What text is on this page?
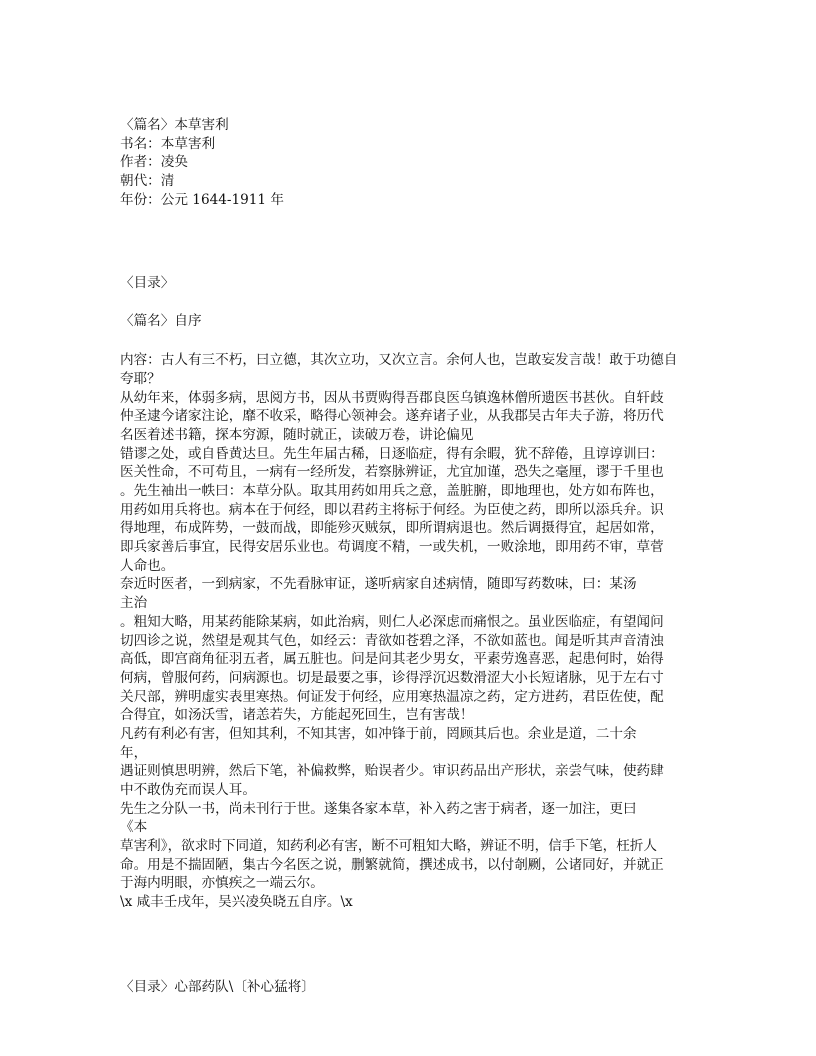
〈篇名〉本草害利
书名：本草害利
作者：凌奂
朝代：清
年份：公元 1644-1911 年
〈目录〉
〈篇名〉自序
内容：古人有三不朽，曰立德，其次立功，又次立言。余何人也，岂敢妄发言哉！敢于功德自
夸耶？
从幼年来，体弱多病，思阅方书，因从书贾购得吾郡良医乌镇逸林僧所遗医书甚伙。自轩歧
仲圣逮今诸家注论，靡不收采，略得心领神会。遂弃诸子业，从我郡吴古年夫子游，将历代
名医着述书籍，探本穷源，随时就正，读破万卷，讲论偏见
错谬之处，或自昏黄达旦。先生年届古稀，日逐临症，得有余暇，犹不辞倦，且谆谆训曰：
医关性命，不可苟且，一病有一经所发，若察脉辨证，尤宜加谨，恐失之毫厘，谬于千里也
。先生袖出一帙曰：本草分队。取其用药如用兵之意，盖脏腑，即地理也，处方如布阵也，
用药如用兵将也。病本在于何经，即以君药主将标于何经。为臣使之药，即所以添兵弁。识
得地理，布成阵势，一鼓而战，即能殄灭贼氛，即所谓病退也。然后调摄得宜，起居如常，
即兵家善后事宜，民得安居乐业也。苟调度不精，一或失机，一败涂地，即用药不审，草菅
人命也。
奈近时医者，一到病家，不先看脉审证，遂听病家自述病情，随即写药数味，曰：某汤
主治
。粗知大略，用某药能除某病，如此治病，则仁人必深虑而痛恨之。虽业医临症，有望闻问
切四诊之说，然望是观其气色，如经云：青欲如苍碧之泽，不欲如蓝也。闻是听其声音清浊
高低，即宫商角征羽五者，属五脏也。问是问其老少男女，平素劳逸喜恶，起患何时，始得
何病，曾服何药，问病源也。切是最要之事，诊得浮沉迟数滑涩大小长短诸脉，见于左右寸
关尺部，辨明虚实表里寒热。何证发于何经，应用寒热温凉之药，定方进药，君臣佐使，配
合得宜，如汤沃雪，诸恙若失，方能起死回生，岂有害哉！
凡药有利必有害，但知其利，不知其害，如冲锋于前，罔顾其后也。余业是道，二十余
年，
遇证则慎思明辨，然后下笔，补偏救弊，贻误者少。审识药品出产形状，亲尝气味，使药肆
中不敢伪充而误人耳。
先生之分队一书，尚未刊行于世。遂集各家本草，补入药之害于病者，逐一加注，更曰
《本
草害利》，欲求时下同道，知药利必有害，断不可粗知大略，辨证不明，信手下笔，枉折人
命。用是不揣固陋，集古今名医之说，删繁就简，撰述成书，以付剞劂，公诸同好，并就正
于海内明眼，亦慎疾之一端云尔。
\x 咸丰壬戌年，吴兴凌奂晓五自序。\x
〈目录〉心部药队\〔补心猛将〕
